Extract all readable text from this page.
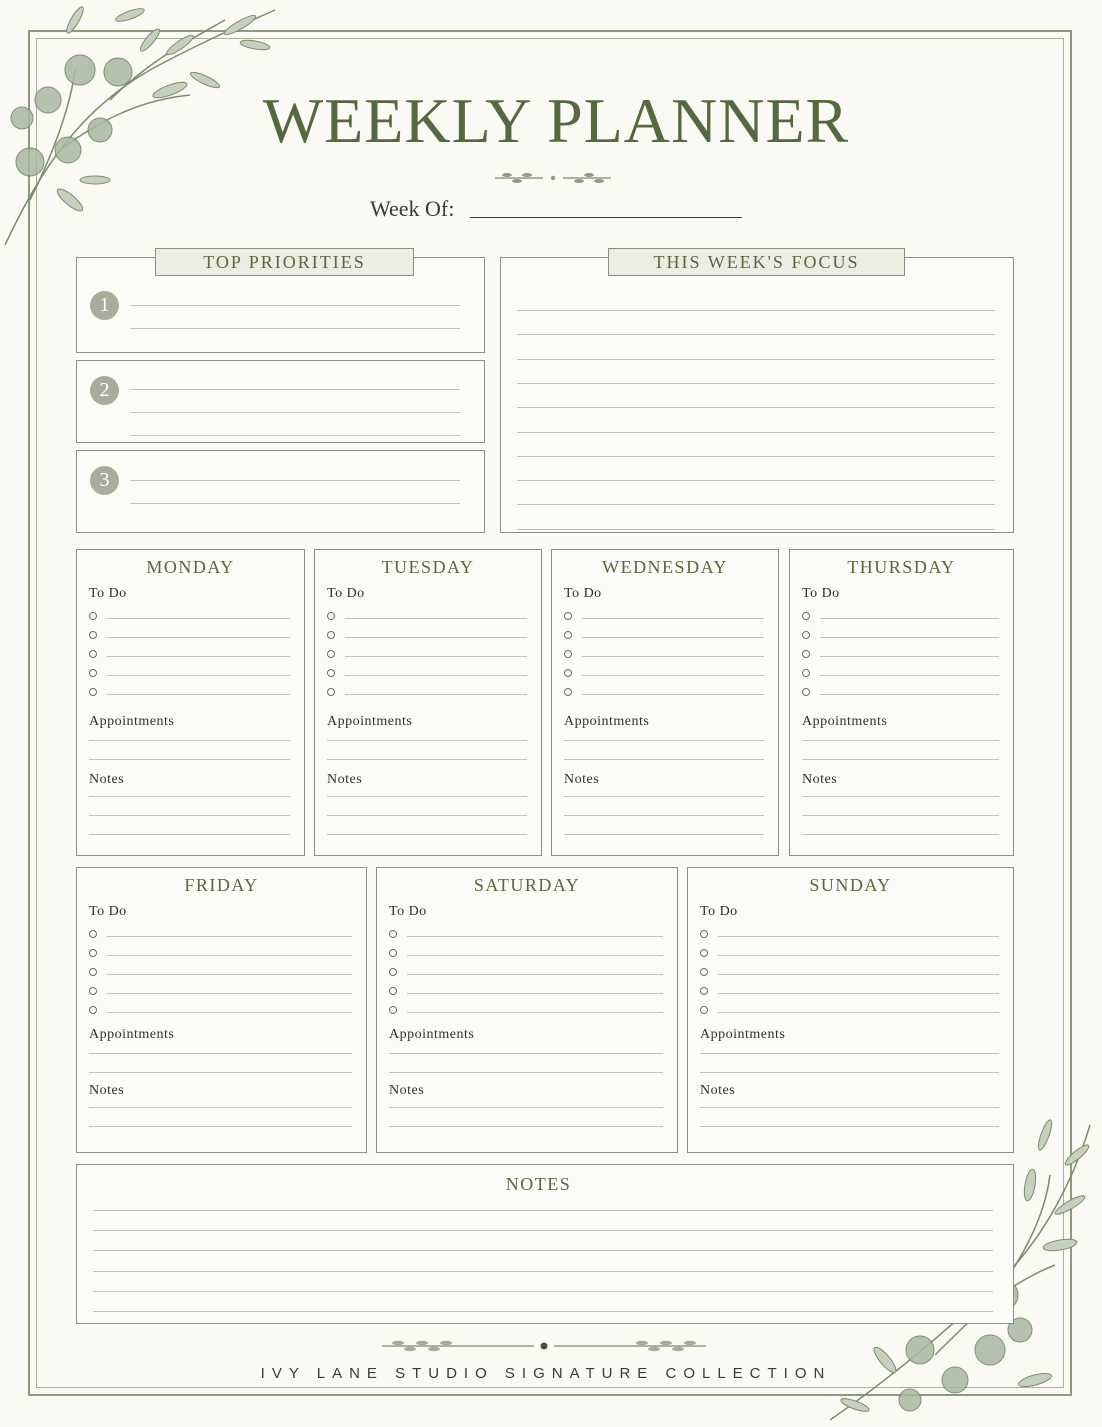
WEEKLY PLANNER
Week Of:
TOP PRIORITIES
1
2
3
THIS WEEK'S FOCUS
MONDAY
To Do
Appointments
Notes
TUESDAY
To Do
Appointments
Notes
WEDNESDAY
To Do
Appointments
Notes
THURSDAY
To Do
Appointments
Notes
FRIDAY
To Do
Appointments
Notes
SATURDAY
To Do
Appointments
Notes
SUNDAY
To Do
Appointments
Notes
NOTES
IVY LANE STUDIO SIGNATURE COLLECTION
